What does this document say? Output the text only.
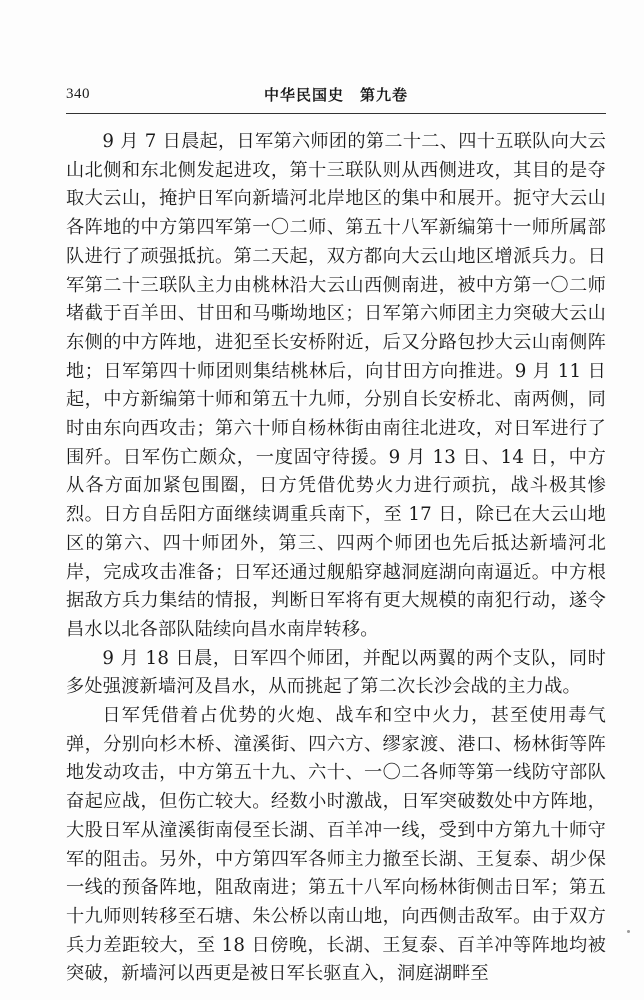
340	中华民国史　第九卷

9 月 7 日晨起，日军第六师团的第二十二、四十五联队向大云山北侧和东北侧发起进攻，第十三联队则从西侧进攻，其目的是夺取大云山，掩护日军向新墙河北岸地区的集中和展开。扼守大云山各阵地的中方第四军第一〇二师、第五十八军新编第十一师所属部队进行了顽强抵抗。第二天起，双方都向大云山地区增派兵力。日军第二十三联队主力由桃林沿大云山西侧南进，被中方第一〇二师堵截于百羊田、甘田和马嘶坳地区；日军第六师团主力突破大云山东侧的中方阵地，进犯至长安桥附近，后又分路包抄大云山南侧阵地；日军第四十师团则集结桃林后，向甘田方向推进。9 月 11 日起，中方新编第十师和第五十九师，分别自长安桥北、南两侧，同时由东向西攻击；第六十师自杨林街由南往北进攻，对日军进行了围歼。日军伤亡颇众，一度固守待援。9 月 13 日、14 日，中方从各方面加紧包围圈，日方凭借优势火力进行顽抗，战斗极其惨烈。日方自岳阳方面继续调重兵南下，至 17 日，除已在大云山地区的第六、四十师团外，第三、四两个师团也先后抵达新墙河北岸，完成攻击准备；日军还通过舰船穿越洞庭湖向南逼近。中方根据敌方兵力集结的情报，判断日军将有更大规模的南犯行动，遂令昌水以北各部队陆续向昌水南岸转移。

9 月 18 日晨，日军四个师团，并配以两翼的两个支队，同时多处强渡新墙河及昌水，从而挑起了第二次长沙会战的主力战。

日军凭借着占优势的火炮、战车和空中火力，甚至使用毒气弹，分别向杉木桥、潼溪街、四六方、缪家渡、港口、杨林街等阵地发动攻击，中方第五十九、六十、一〇二各师等第一线防守部队奋起应战，但伤亡较大。经数小时激战，日军突破数处中方阵地，大股日军从潼溪街南侵至长湖、百羊冲一线，受到中方第九十师守军的阻击。另外，中方第四军各师主力撤至长湖、王复泰、胡少保一线的预备阵地，阻敌南进；第五十八军向杨林街侧击日军；第五十九师则转移至石塘、朱公桥以南山地，向西侧击敌军。由于双方兵力差距较大，至 18 日傍晚，长湖、王复泰、百羊冲等阵地均被突破，新墙河以西更是被日军长驱直入，洞庭湖畔至
